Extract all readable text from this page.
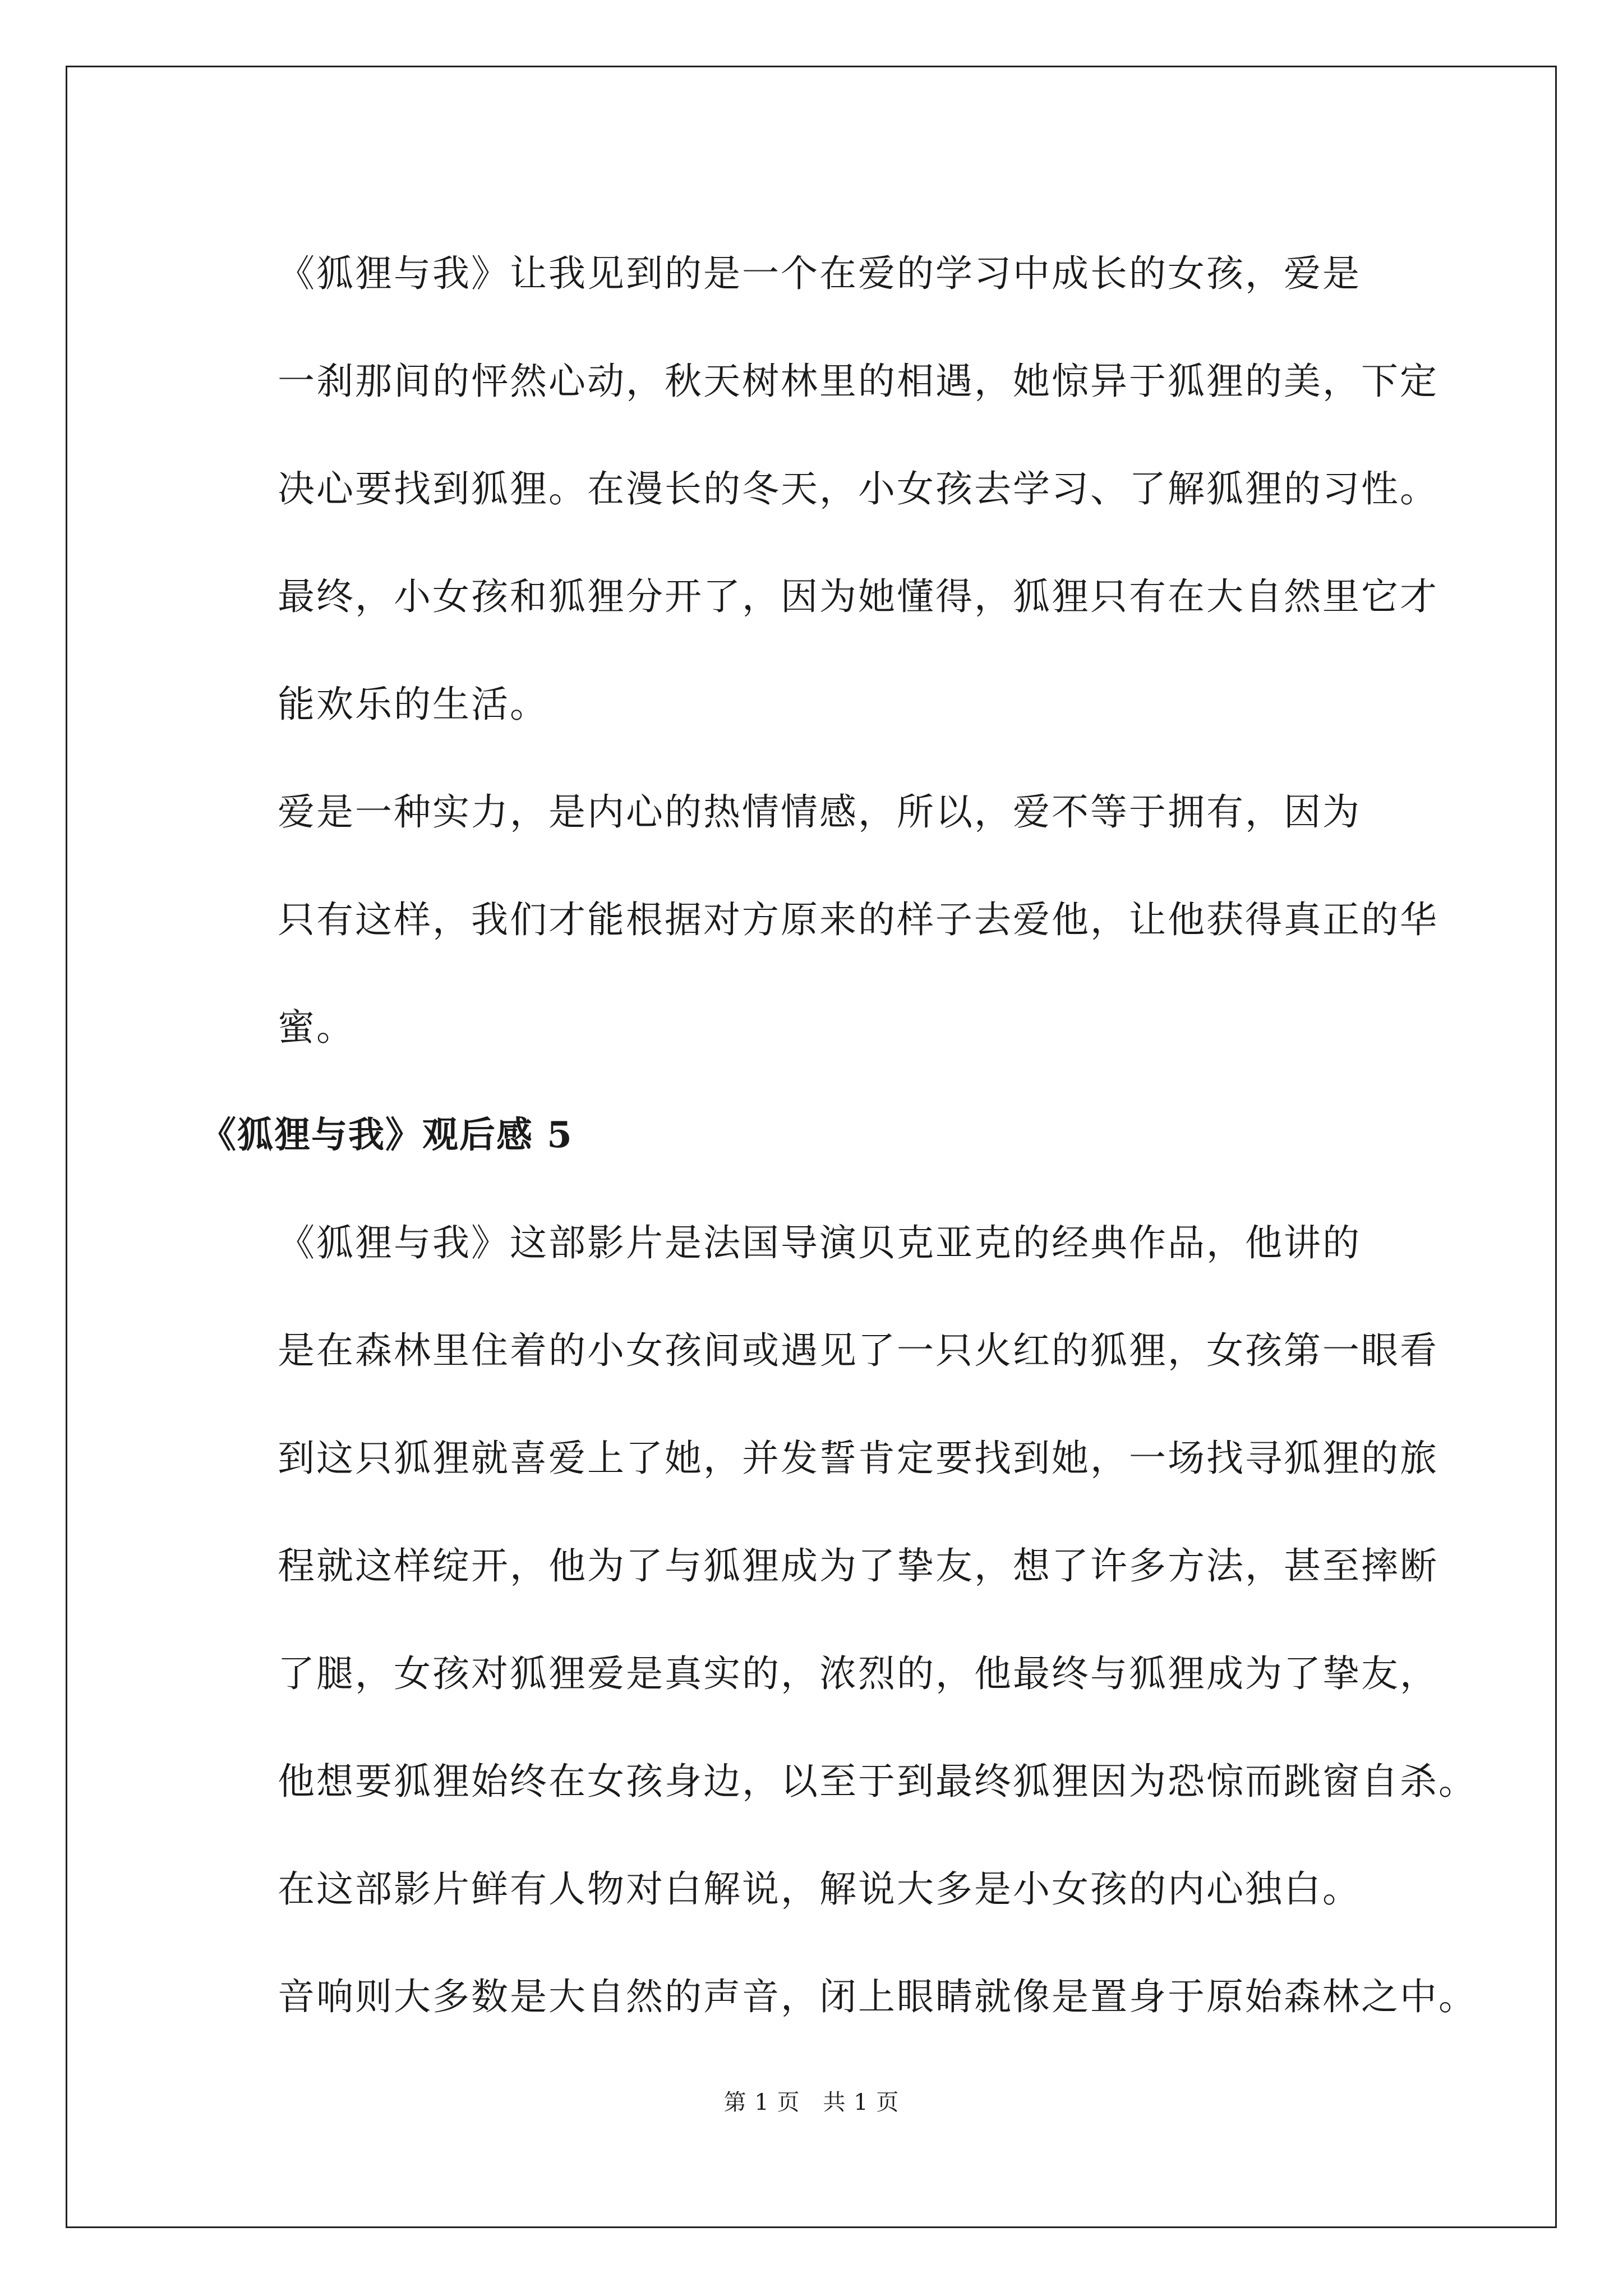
《狐狸与我》让我见到的是一个在爱的学习中成长的女孩，爱是
一刹那间的怦然心动，秋天树林里的相遇，她惊异于狐狸的美，下定
决心要找到狐狸。在漫长的冬天，小女孩去学习、了解狐狸的习性。
最终，小女孩和狐狸分开了，因为她懂得，狐狸只有在大自然里它才
能欢乐的生活。

爱是一种实力，是内心的热情情感，所以，爱不等于拥有，因为
只有这样，我们才能根据对方原来的样子去爱他，让他获得真正的华
蜜。

《狐狸与我》观后感 5

《狐狸与我》这部影片是法国导演贝克亚克的经典作品，他讲的
是在森林里住着的小女孩间或遇见了一只火红的狐狸，女孩第一眼看
到这只狐狸就喜爱上了她，并发誓肯定要找到她，一场找寻狐狸的旅
程就这样绽开，他为了与狐狸成为了挚友，想了许多方法，甚至摔断
了腿，女孩对狐狸爱是真实的，浓烈的，他最终与狐狸成为了挚友，
他想要狐狸始终在女孩身边，以至于到最终狐狸因为恐惊而跳窗自杀。

在这部影片鲜有人物对白解说，解说大多是小女孩的内心独白。
音响则大多数是大自然的声音，闭上眼睛就像是置身于原始森林之中。

第 1 页　共 1 页
